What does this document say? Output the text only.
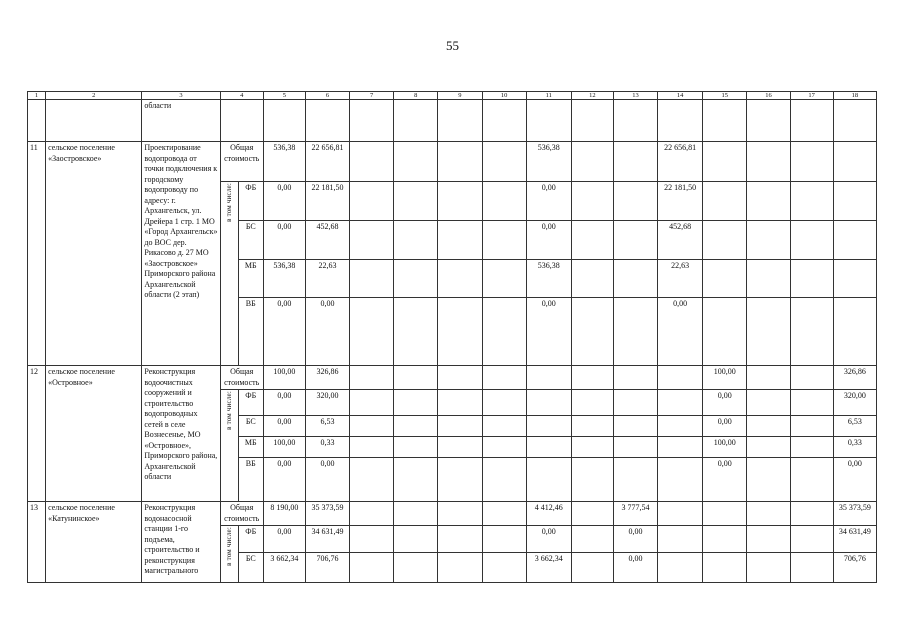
55
1	2	3	4		5	6	7	8	9	10	11	12	13	14	15	16	17	18
		области																
11	сельское поселение «Заостровское»	Проектирование водопровода от точки подключения к городскому водопроводу по адресу: г. Архангельск, ул. Дрейера 1 стр. 1 МО «Город Архангельск» до ВОС дер. Рикасово д. 27 МО «Заостровское» Приморского района Архангельской области (2 этап)	Общая стоимость		536,38	22 656,81					536,38			22 656,81				
			в том числе:	ФБ	0,00	22 181,50					0,00			22 181,50				
				БС	0,00	452,68					0,00			452,68				
				МБ	536,38	22,63					536,38			22,63				
				ВБ	0,00	0,00					0,00			0,00				
12	сельское поселение «Островное»	Реконструкция водоочистных сооружений и строительство водопроводных сетей в селе Вознесенье, МО «Островное», Приморского района, Архангельской области	Общая стоимость		100,00	326,86									100,00			326,86
			в том числе:	ФБ	0,00	320,00									0,00			320,00
				БС	0,00	6,53									0,00			6,53
				МБ	100,00	0,33									100,00			0,33
				ВБ	0,00	0,00									0,00			0,00
13	сельское поселение «Катунинское»	Реконструкция водонасосной станции 1-го подъема, строительство и реконструкция магистрального	Общая стоимость		8 190,00	35 373,59					4 412,46		3 777,54					35 373,59
			в том числе:	ФБ	0,00	34 631,49					0,00		0,00					34 631,49
				БС	3 662,34	706,76					3 662,34		0,00					706,76
